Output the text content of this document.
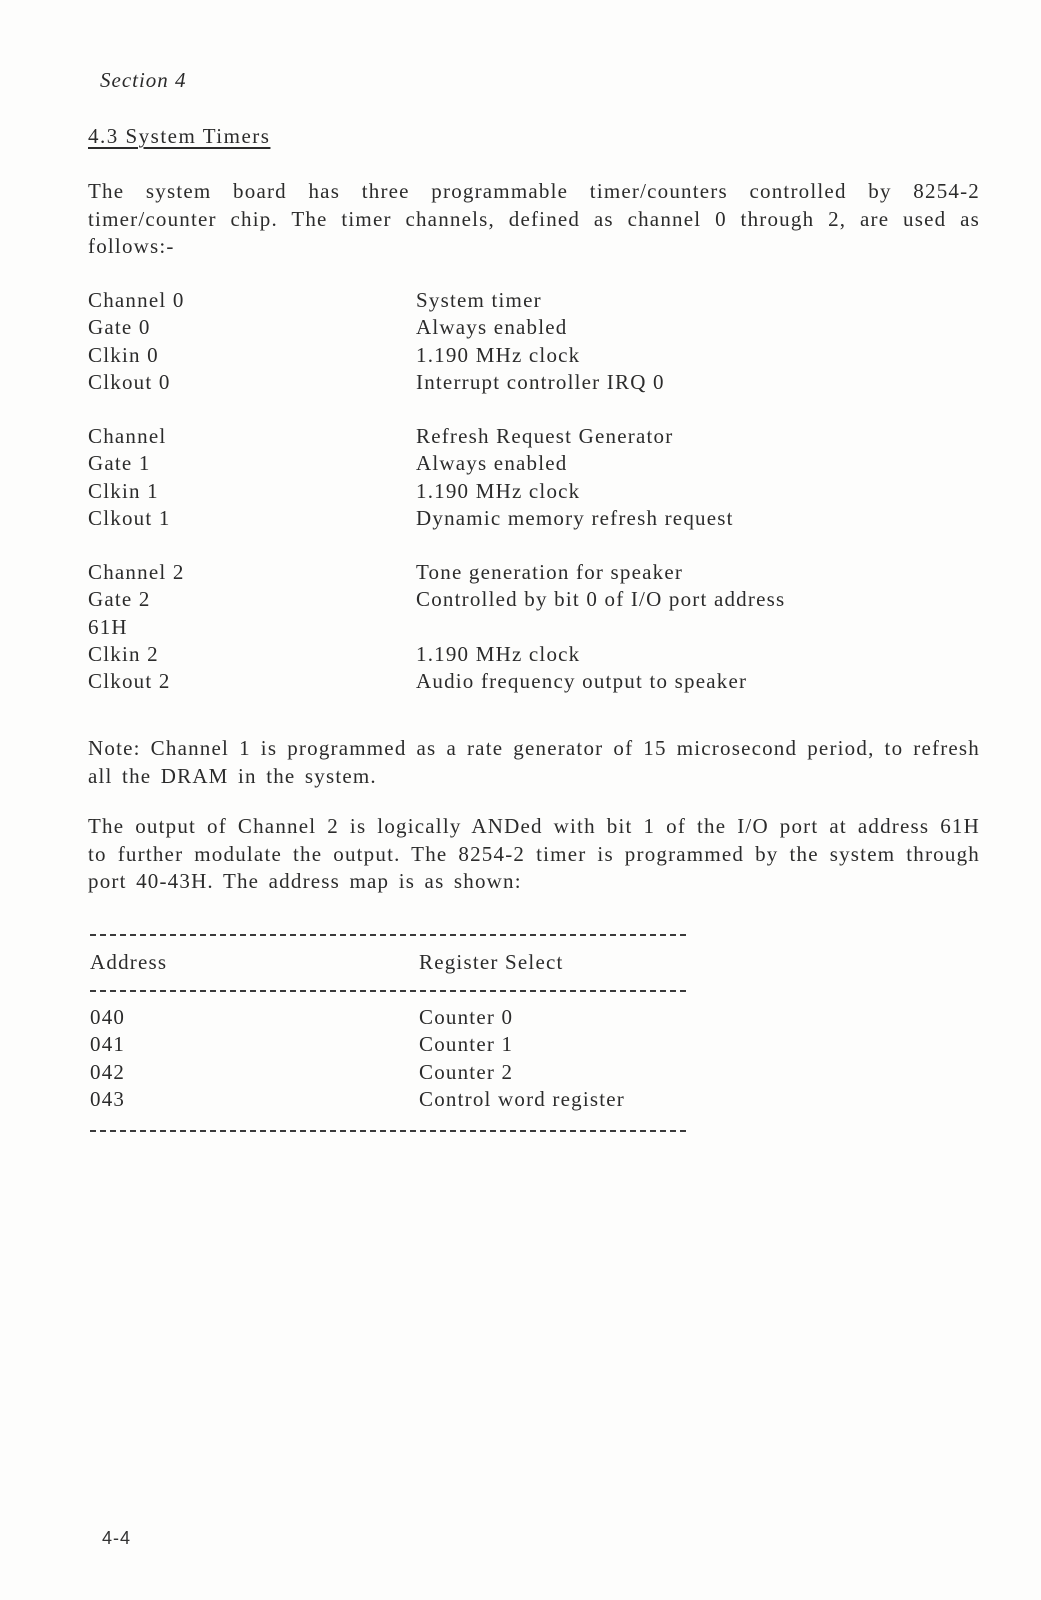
Section 4
4.3 System Timers
The system board has three programmable timer/counters controlled by 8254-2 timer/counter chip. The timer channels, defined as channel 0 through 2, are used as follows:-
Channel 0	System timer
Gate 0	Always enabled
Clkin 0	1.190 MHz clock
Clkout 0	Interrupt controller IRQ 0
Channel	Refresh Request Generator
Gate 1	Always enabled
Clkin 1	1.190 MHz clock
Clkout 1	Dynamic memory refresh request
Channel 2	Tone generation for speaker
Gate 2	Controlled by bit 0 of I/O port address
61H
Clkin 2	1.190 MHz clock
Clkout 2	Audio frequency output to speaker
Note: Channel 1 is programmed as a rate generator of 15 microsecond period, to refresh all the DRAM in the system.
The output of Channel 2 is logically ANDed with bit 1 of the I/O port at address 61H to further modulate the output. The 8254-2 timer is programmed by the system through port 40-43H. The address map is as shown:
Address	Register Select
040	Counter 0
041	Counter 1
042	Counter 2
043	Control word register
4-4
